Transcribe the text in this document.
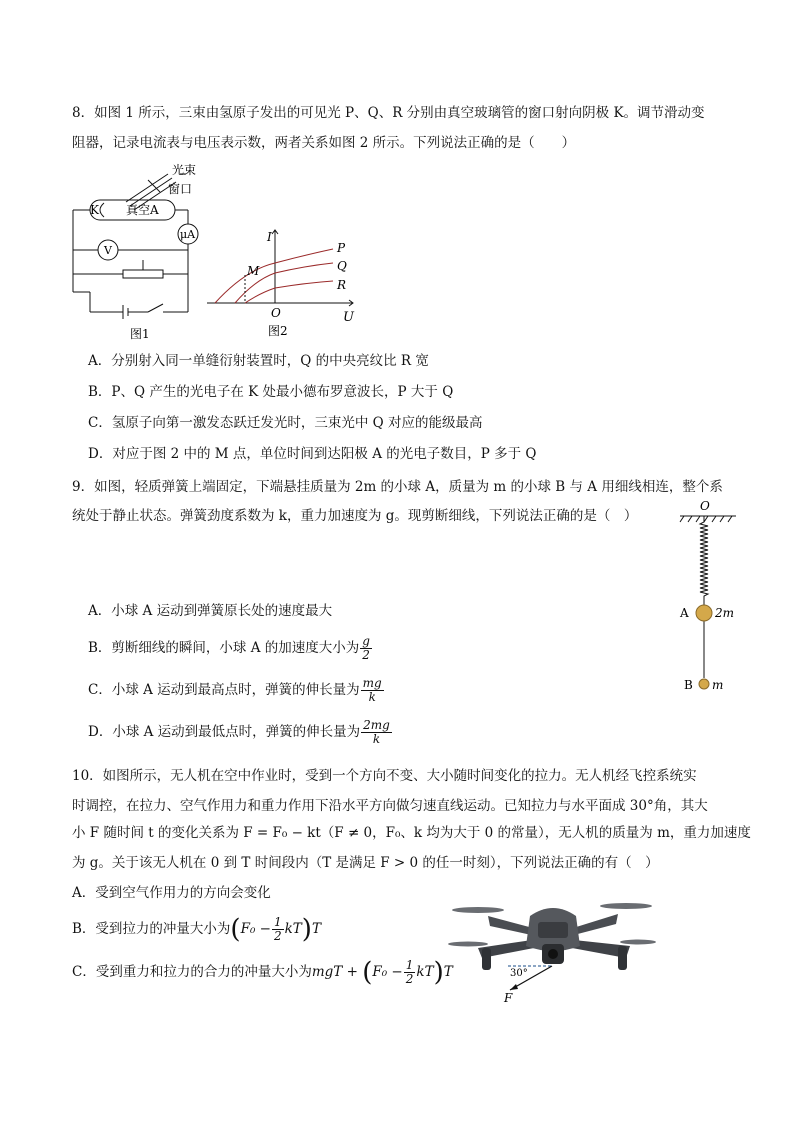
8．如图 1 所示，三束由氢原子发出的可见光 P、Q、R 分别由真空玻璃管的窗口射向阴极 K。调节滑动变
阻器，记录电流表与电压表示数，两者关系如图 2 所示。下列说法正确的是（　　）
光束
窗口
K 真空A
μA
V
图1
I
U
O
M
P
Q
R
图2
A．分别射入同一单缝衍射装置时，Q 的中央亮纹比 R 宽
B．P、Q 产生的光电子在 K 处最小德布罗意波长，P 大于 Q
C．氢原子向第一激发态跃迁发光时，三束光中 Q 对应的能级最高
D．对应于图 2 中的 M 点，单位时间到达阳极 A 的光电子数目，P 多于 Q
9．如图，轻质弹簧上端固定，下端悬挂质量为 2m 的小球 A，质量为 m 的小球 B 与 A 用细线相连，整个系
统处于静止状态。弹簧劲度系数为 k，重力加速度为 g。现剪断细线，下列说法正确的是（　）
A．小球 A 运动到弹簧原长处的速度最大
B．剪断细线的瞬间，小球 A 的加速度大小为 $\frac{g}{2}$
C．小球 A 运动到最高点时，弹簧的伸长量为 $\frac{mg}{k}$
D．小球 A 运动到最低点时，弹簧的伸长量为 $\frac{2mg}{k}$
O
A 2m
B m
10．如图所示，无人机在空中作业时，受到一个方向不变、大小随时间变化的拉力。无人机经飞控系统实
时调控，在拉力、空气作用力和重力作用下沿水平方向做匀速直线运动。已知拉力与水平面成 30°角，其大
小 F 随时间 t 的变化关系为 F = F₀ − kt（F ≠ 0，F₀、k 均为大于 0 的常量），无人机的质量为 m，重力加速度
为 g。关于该无人机在 0 到 T 时间段内（T 是满足 F > 0 的任一时刻），下列说法正确的有（　）
A．受到空气作用力的方向会变化
B．受到拉力的冲量大小为$(F_0 - \frac{1}{2} kT)T$
C．受到重力和拉力的合力的冲量大小为mgT + $(F_0 - \frac{1}{2} kT)T$	30°
F
